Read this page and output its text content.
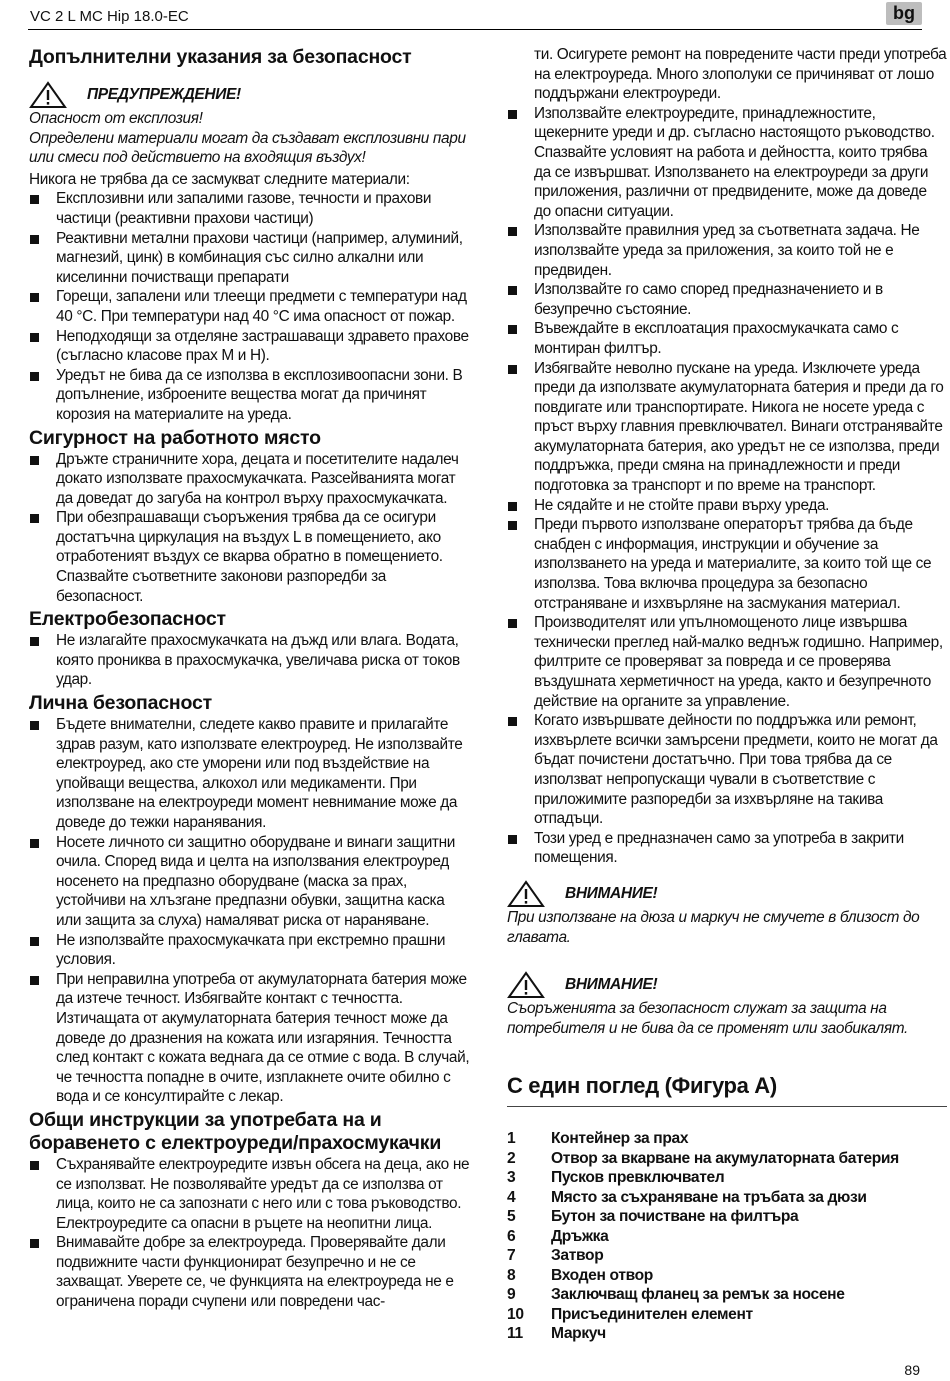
VC 2 L MC Hip 18.0-EC	bg
Допълнителни указания за безопасност
ПРЕДУПРЕЖДЕНИЕ!

Опасност от експлозия!

Определени материали могат да създават експлозивни пари или смеси под действието на входящия въздух!

Никога не трябва да се засмукват следните материали:

Експлозивни или запалими газове, течности и прахови частици (реактивни прахови частици)
Реактивни метални прахови частици (например, алуминий, магнезий, цинк) в комбинация със силно алкални или киселинни почистващи препарати
Горещи, запалени или тлеещи предмети с температури над 40 °C. При температури над 40 °C има опасност от пожар.
Неподходящи за отделяне застрашаващи здравето прахове (съгласно класове прах M и H).
Уредът не бива да се използва в експлозивоопасни зони. В допълнение, изброените вещества могат да причинят корозия на материалите на уреда.
Сигурност на работното място
Дръжте страничните хора, децата и посетителите надалеч докато използвате прахосмукачката. Разсейванията могат да доведат до загуба на контрол върху прахосмукачката.
При обезпрашаващи съоръжения трябва да се осигури достатъчна циркулация на въздух L в помещението, ако отработеният въздух се вкарва обратно в помещението. Спазвайте съответните законови разпоредби за безопасност.
Електробезопасност
Не излагайте прахосмукачката на дъжд или влага. Водата, която прониква в прахосмукачка, увеличава риска от токов удар.
Лична безопасност
Бъдете внимателни, следете какво правите и прилагайте здрав разум, като използвате електроуред. Не използвайте електроуред, ако сте уморени или под въздействие на упойващи вещества, алкохол или медикаменти. При използване на електроуреди момент невнимание може да доведе до тежки наранявания.
Носете личното си защитно оборудване и винаги защитни очила. Според вида и целта на използвания електроуред носенето на предпазно оборудване (маска за прах, устойчиви на хлъзгане предпазни обувки, защитна каска или защита за слуха) намаляват риска от нараняване.
Не използвайте прахосмукачката при екстремно прашни условия.
При неправилна употреба от акумулаторната батерия може да изтече течност. Избягвайте контакт с течността. Изтичащата от акумулаторната батерия течност може да доведе до дразнения на кожата или изгаряния. Течността след контакт с кожата веднага да се отмие с вода. В случай, че течността попадне в очите, изплакнете очите обилно с вода и се консултирайте с лекар.
Общи инструкции за употребата на и боравенето с електроуреди/прахосмукачки
Съхранявайте електроуредите извън обсега на деца, ако не се използват. Не позволявайте уредът да се използва от лица, които не са запознати с него или с това ръководство. Електроуредите са опасни в ръцете на неопитни лица.
Внимавайте добре за електроуреда. Проверявайте дали подвижните части функционират безупречно и не се захващат. Уверете се, че функцията на електроуреда не е ограничена поради счупени или повредени час-

ти. Осигурете ремонт на повредените части преди употреба на електроуреда. Много злополуки се причиняват от лошо поддържани електроуреди.

Използвайте електроуредите, принадлежностите, щекерните уреди и др. съгласно настоящото ръководство. Спазвайте условият на работа и дейността, които трябва да се извършват. Използването на електроуреди за други приложения, различни от предвидените, може да доведе до опасни ситуации.
Използвайте правилния уред за съответната задача. Не използвайте уреда за приложения, за които той не е предвиден.
Използвайте го само според предназначението и в безупречно състояние.
Въвеждайте в експлоатация прахосмукачката само с монтиран филтър.
Избягвайте неволно пускане на уреда. Изключете уреда преди да използвате акумулаторната батерия и преди да го повдигате или транспортирате. Никога не носете уреда с пръст върху главния превключвател. Винаги отстранявайте акумулаторната батерия, ако уредът не се използва, преди поддръжка, преди смяна на принадлежности и преди подготовка за транспорт и по време на транспорт.
Не сядайте и не стойте прави върху уреда.
Преди първото използване операторът трябва да бъде снабден с информация, инструкции и обучение за използването на уреда и материалите, за които той ще се използва. Това включва процедура за безопасно отстраняване и изхвърляне на засмукания материал.
Производителят или упълномощеното лице извършва технически преглед най-малко веднъж годишно. Например, филтрите се проверяват за повреда и се проверява въздушната херметичност на уреда, както и безупречното действие на органите за управление.
Когато извършвате дейности по поддръжка или ремонт, изхвърлете всички замърсени предмети, които не могат да бъдат почистени достатъчно. При това трябва да се използват непропускащи чували в съответствие с приложимите разпоредби за изхвърляне на такива отпадъци.
Този уред е предназначен само за употреба в закрити помещения.
ВНИМАНИЕ!

При използване на дюза и маркуч не смучете в близост до главата.

ВНИМАНИЕ!

Съоръженията за безопасност служат за защита на потребителя и не бива да се променят или заобикалят.

С един поглед (Фигура A)
1	Контейнер за прах
2	Отвор за вкарване на акумулаторната батерия
3	Пусков превключвател
4	Място за съхраняване на тръбата за дюзи
5	Бутон за почистване на филтъра
6	Дръжка
7	Затвор
8	Входен отвор
9	Заключващ фланец за ремък за носене
10	Присъединителен елемент
11	Маркуч
89
